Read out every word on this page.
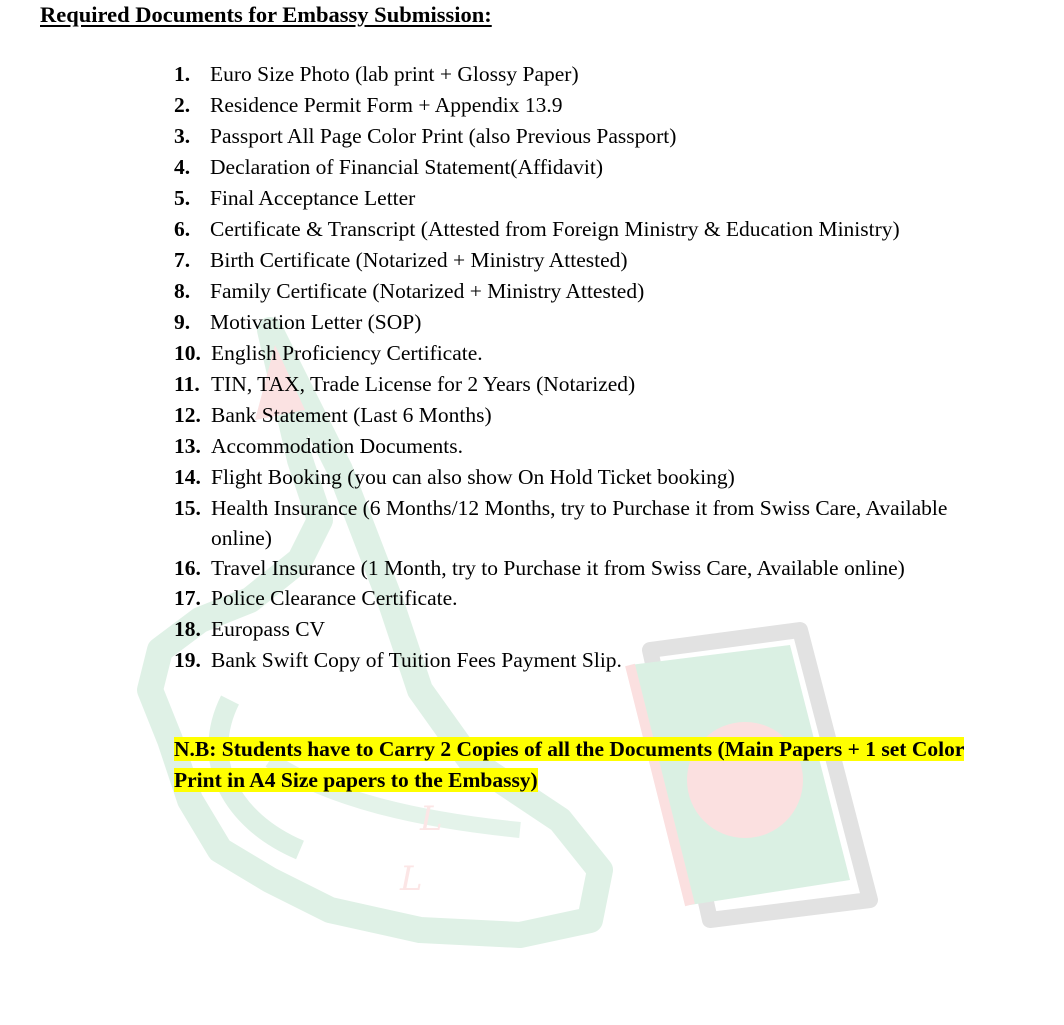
L
L
Required Documents for Embassy Submission:
1. Euro Size Photo (lab print + Glossy Paper)
2. Residence Permit Form + Appendix 13.9
3. Passport All Page Color Print (also Previous Passport)
4. Declaration of Financial Statement(Affidavit)
5. Final Acceptance Letter
6. Certificate & Transcript (Attested from Foreign Ministry & Education Ministry)
7. Birth Certificate (Notarized + Ministry Attested)
8. Family Certificate (Notarized + Ministry Attested)
9. Motivation Letter (SOP)
10. English Proficiency Certificate.
11. TIN, TAX, Trade License for 2 Years (Notarized)
12. Bank Statement (Last 6 Months)
13. Accommodation Documents.
14. Flight Booking (you can also show On Hold Ticket booking)
15. Health Insurance (6 Months/12 Months, try to Purchase it from Swiss Care, Available online)
16. Travel Insurance (1 Month, try to Purchase it from Swiss Care, Available online)
17. Police Clearance Certificate.
18. Europass CV
19. Bank Swift Copy of Tuition Fees Payment Slip.

N.B: Students have to Carry 2 Copies of all the Documents (Main Papers + 1 set Color Print in A4 Size papers to the Embassy)
